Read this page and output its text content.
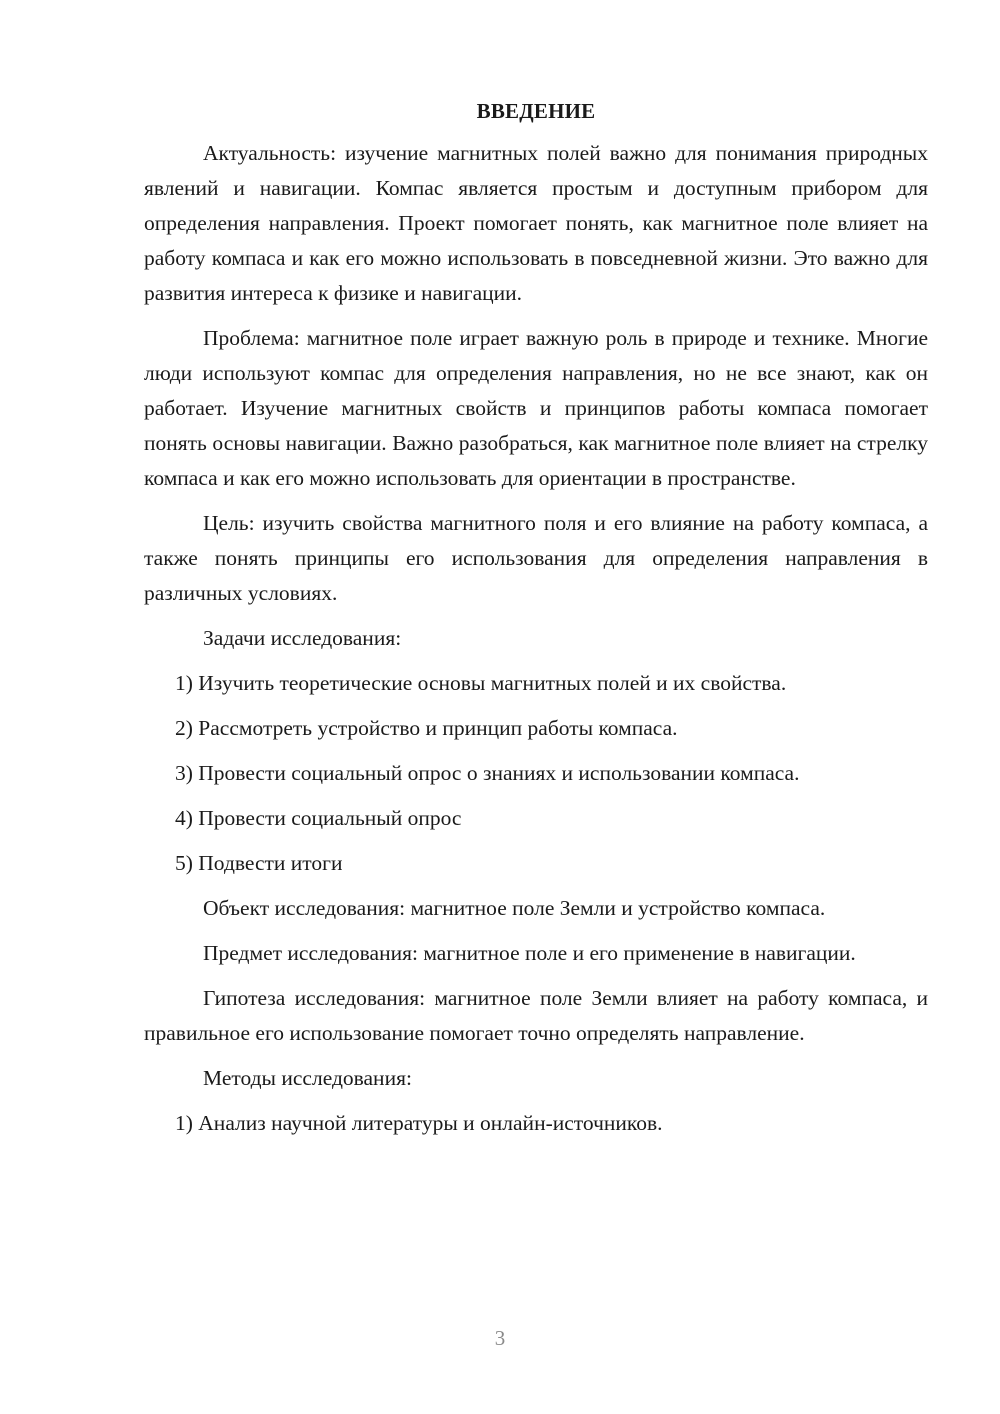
ВВЕДЕНИЕ

Актуальность: изучение магнитных полей важно для понимания природных явлений и навигации. Компас является простым и доступным прибором для определения направления. Проект помогает понять, как магнитное поле влияет на работу компаса и как его можно использовать в повседневной жизни. Это важно для развития интереса к физике и навигации.

Проблема: магнитное поле играет важную роль в природе и технике. Многие люди используют компас для определения направления, но не все знают, как он работает. Изучение магнитных свойств и принципов работы компаса помогает понять основы навигации. Важно разобраться, как магнитное поле влияет на стрелку компаса и как его можно использовать для ориентации в пространстве.

Цель: изучить свойства магнитного поля и его влияние на работу компаса, а также понять принципы его использования для определения направления в различных условиях.

Задачи исследования:

1) Изучить теоретические основы магнитных полей и их свойства.

2) Рассмотреть устройство и принцип работы компаса.

3) Провести социальный опрос о знаниях и использовании компаса.

4) Провести социальный опрос

5) Подвести итоги

Объект исследования: магнитное поле Земли и устройство компаса.

Предмет исследования: магнитное поле и его применение в навигации.

Гипотеза исследования: магнитное поле Земли влияет на работу компаса, и правильное его использование помогает точно определять направление.

Методы исследования:

1) Анализ научной литературы и онлайн-источников.

3
